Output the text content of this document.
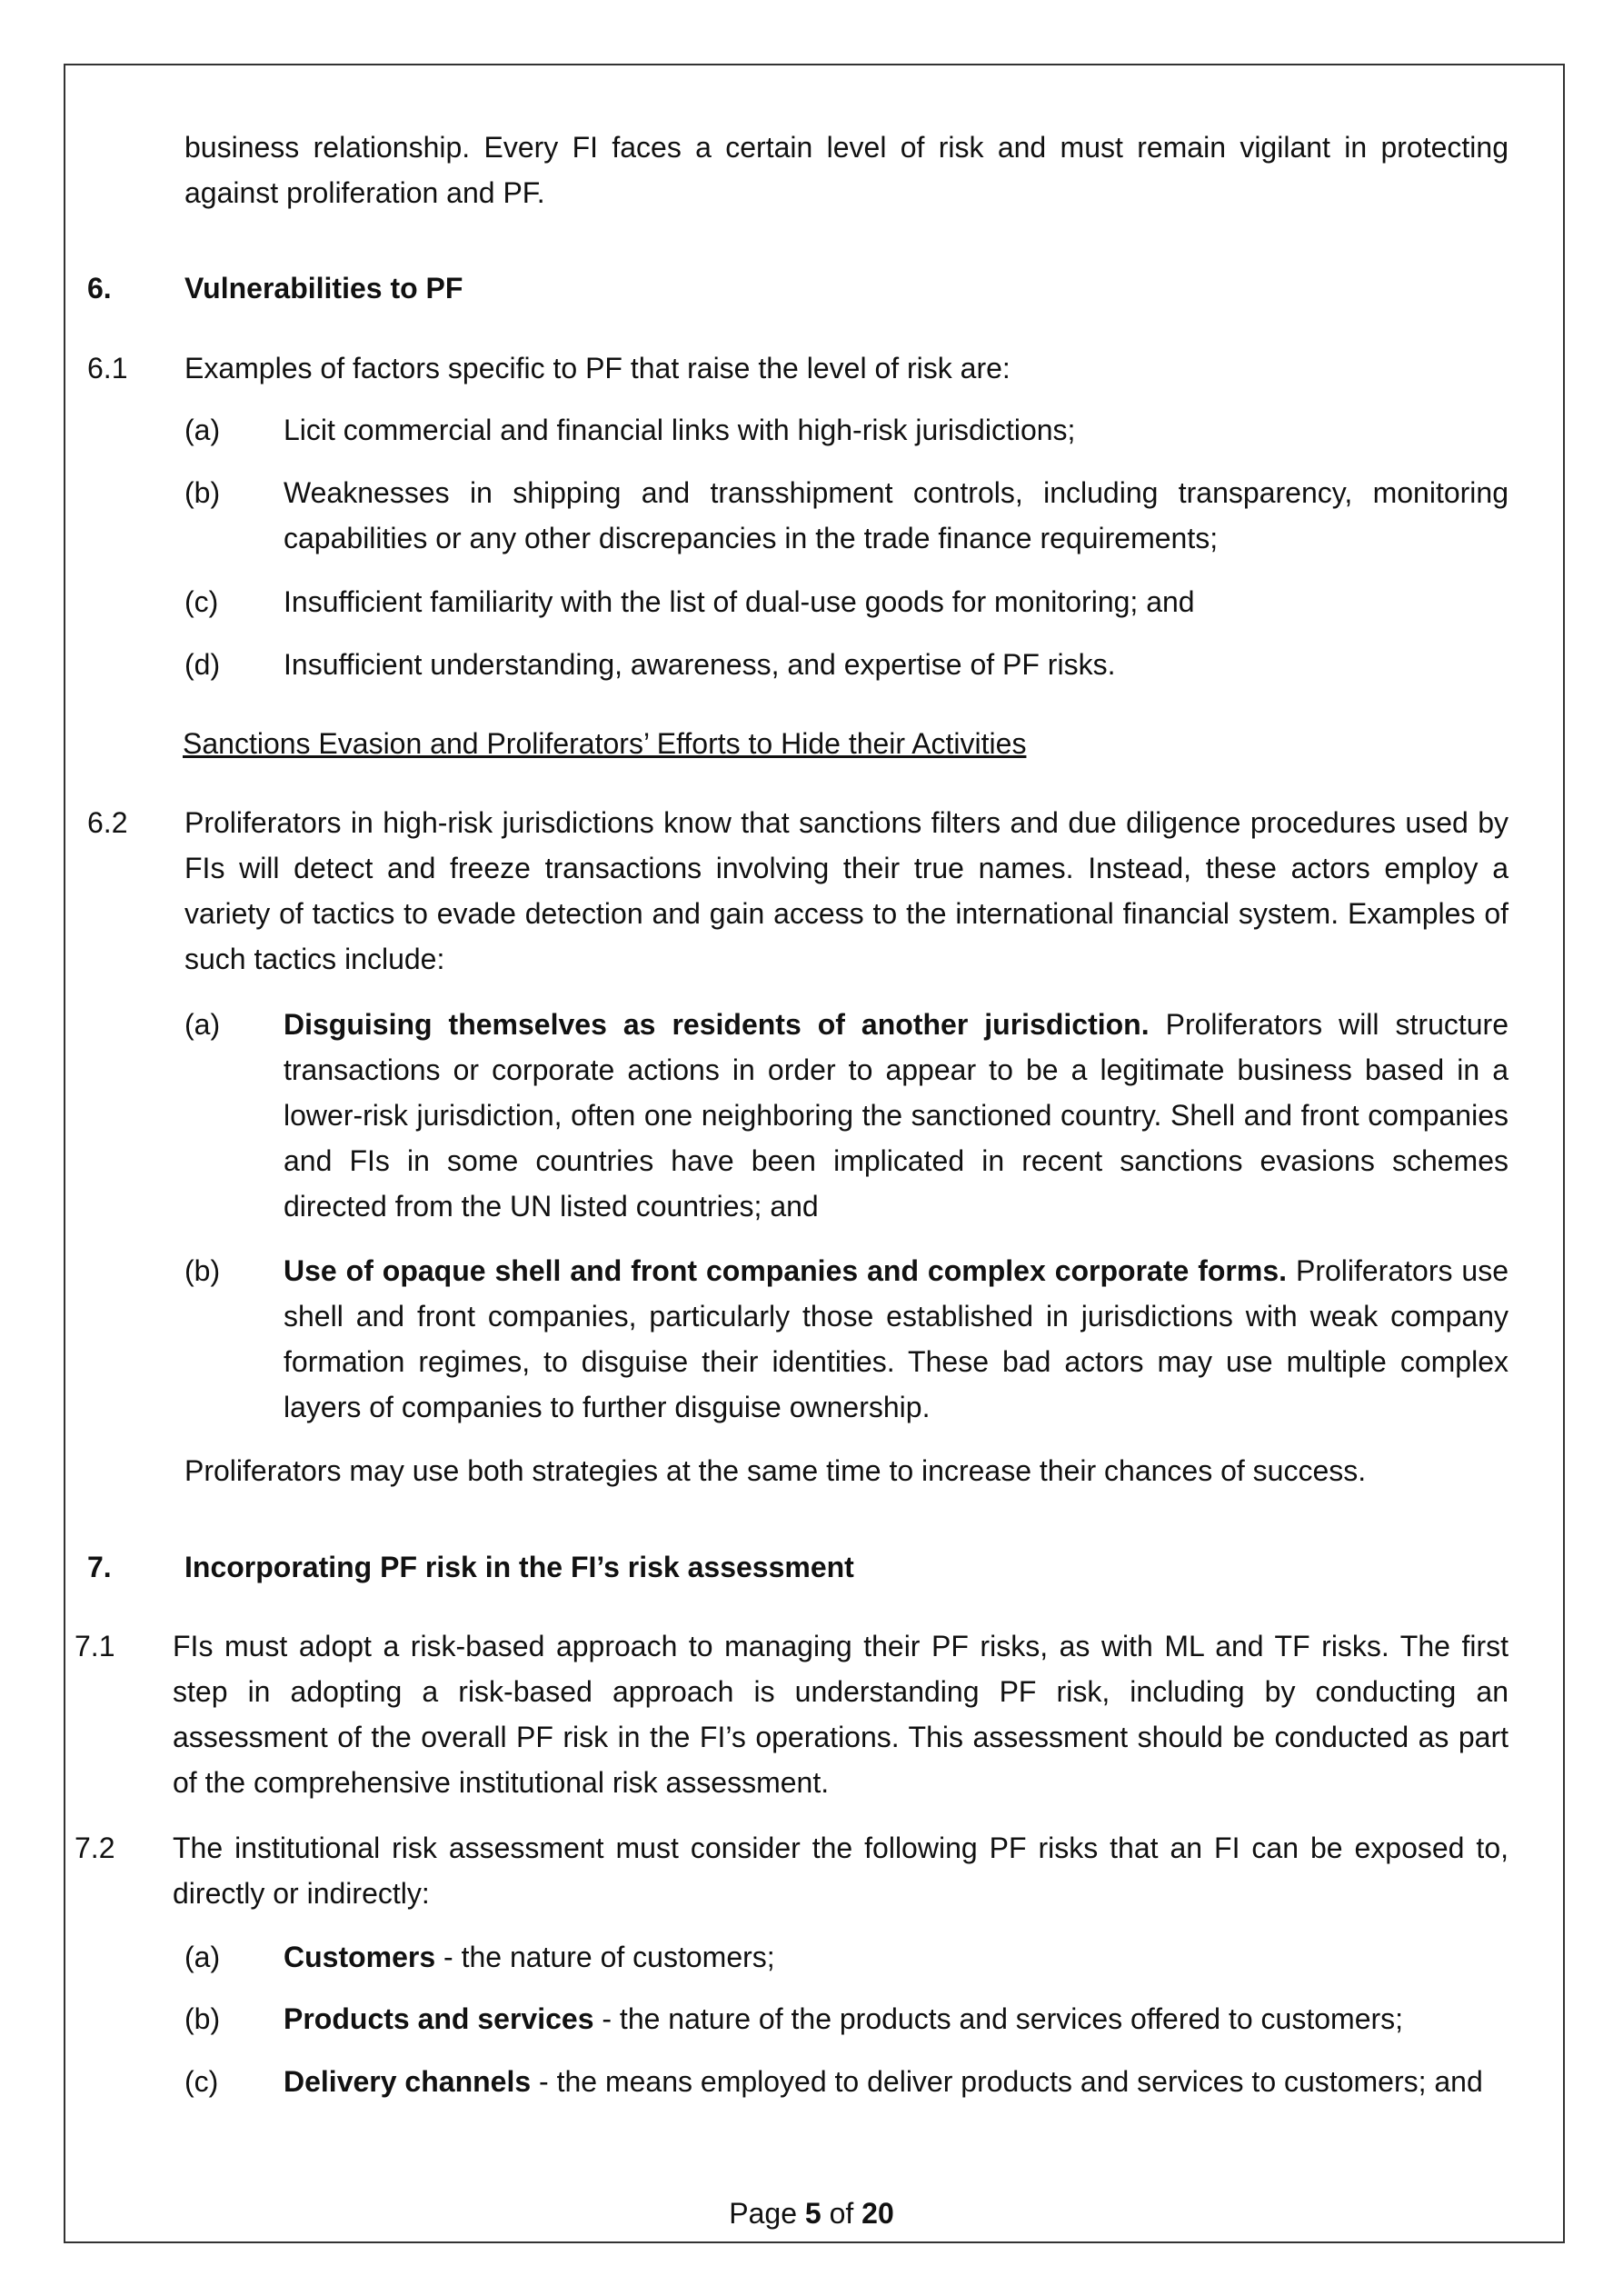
business relationship. Every FI faces a certain level of risk and must remain vigilant in protecting against proliferation and PF.
6.	Vulnerabilities to PF
6.1 Examples of factors specific to PF that raise the level of risk are:
(a) Licit commercial and financial links with high-risk jurisdictions;
(b) Weaknesses in shipping and transshipment controls, including transparency, monitoring capabilities or any other discrepancies in the trade finance requirements;
(c) Insufficient familiarity with the list of dual-use goods for monitoring; and
(d) Insufficient understanding, awareness, and expertise of PF risks.
Sanctions Evasion and Proliferators’ Efforts to Hide their Activities
6.2 Proliferators in high-risk jurisdictions know that sanctions filters and due diligence procedures used by FIs will detect and freeze transactions involving their true names. Instead, these actors employ a variety of tactics to evade detection and gain access to the international financial system. Examples of such tactics include:
(a) Disguising themselves as residents of another jurisdiction. Proliferators will structure transactions or corporate actions in order to appear to be a legitimate business based in a lower-risk jurisdiction, often one neighboring the sanctioned country. Shell and front companies and FIs in some countries have been implicated in recent sanctions evasions schemes directed from the UN listed countries; and
(b) Use of opaque shell and front companies and complex corporate forms. Proliferators use shell and front companies, particularly those established in jurisdictions with weak company formation regimes, to disguise their identities. These bad actors may use multiple complex layers of companies to further disguise ownership.
Proliferators may use both strategies at the same time to increase their chances of success.
7.	Incorporating PF risk in the FI’s risk assessment
7.1 FIs must adopt a risk-based approach to managing their PF risks, as with ML and TF risks. The first step in adopting a risk-based approach is understanding PF risk, including by conducting an assessment of the overall PF risk in the FI’s operations. This assessment should be conducted as part of the comprehensive institutional risk assessment.
7.2 The institutional risk assessment must consider the following PF risks that an FI can be exposed to, directly or indirectly:
(a) Customers - the nature of customers;
(b) Products and services - the nature of the products and services offered to customers;
(c) Delivery channels - the means employed to deliver products and services to customers; and
Page 5 of 20
